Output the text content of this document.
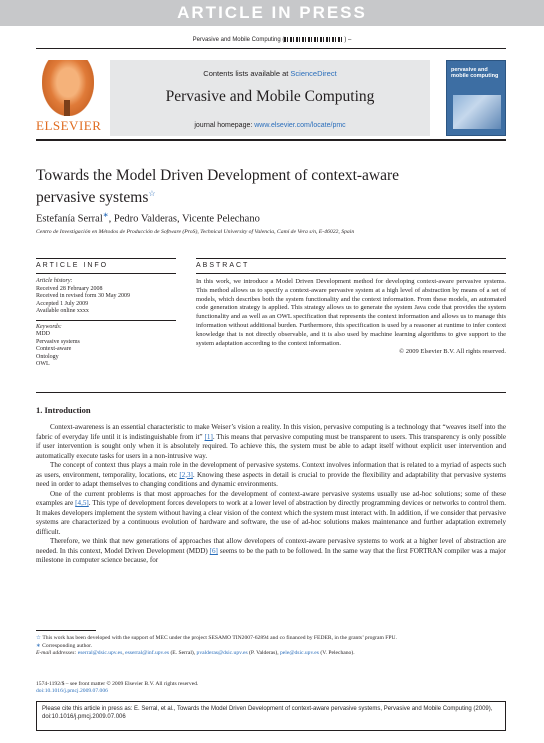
ARTICLE IN PRESS
Pervasive and Mobile Computing (	) –
ELSEVIER
Contents lists available at ScienceDirect
Pervasive and Mobile Computing
journal homepage: www.elsevier.com/locate/pmc
pervasive and mobile computing
Towards the Model Driven Development of context-aware pervasive systems☆
Estefanía Serral∗, Pedro Valderas, Vicente Pelechano
Centro de Investigación en Métodos de Producción de Software (ProS), Technical University of Valencia, Camí de Vera s/n, E-46022, Spain
ARTICLE INFO	ABSTRACT
Article history:
Received 28 February 2008
Received in revised form 30 May 2009
Accepted 1 July 2009
Available online xxxx
Keywords:
MDD
Pervasive systems
Context-aware
Ontology
OWL
In this work, we introduce a Model Driven Development method for developing context-aware pervasive systems. This method allows us to specify a context-aware pervasive system at a high level of abstraction by means of a set of models, which describes both the system functionality and the context information. From these models, an automated code generation strategy is applied. This strategy allows us to generate the system Java code that provides the system functionality and as well as an OWL specification that represents the context information and allows us to manage this information without additional burden. Furthermore, this specification is used by a reasoner at runtime to infer context knowledge that is not directly observable, and it is also used by machine learning algorithms to give support to the system adaptation according to the context information.
© 2009 Elsevier B.V. All rights reserved.
1. Introduction

Context-awareness is an essential characteristic to make Weiser’s vision a reality. In this vision, pervasive computing is a technology that “weaves itself into the fabric of everyday life until it is indistinguishable from it” [1]. This means that pervasive computing must be transparent to users. This transparency is only possible if user intervention is sought only when it is absolutely required. To achieve this, the system must be able to adapt itself without explicit user intervention and automatically execute tasks for users in a non-intrusive way.

The concept of context thus plays a main role in the development of pervasive systems. Context involves information that is related to a myriad of aspects such as users, environment, temporality, locations, etc [2,3]. Knowing these aspects in detail is crucial to provide the flexibility and adaptability that pervasive systems need in order to adapt themselves to changing conditions and dynamic environments.

One of the current problems is that most approaches for the development of context-aware pervasive systems usually use ad-hoc solutions; some of these examples are [4,5]. This type of development forces developers to work at a lower level of abstraction by directly programming devices or networks to control them. It makes developers implement the system without having a clear vision of the context which the system must interact with. In addition, if we consider that pervasive systems are characterized by a continuous evolution of hardware and software, the use of ad-hoc solutions makes maintenance and further adaptation extremely difficult.

Therefore, we think that new generations of approaches that allow developers of context-aware pervasive systems to work at a higher level of abstraction are needed. In this context, Model Driven Development (MDD) [6] seems to be the path to be followed. In the same way that the first FORTRAN compiler was a major milestone in computer science because, for

☆ This work has been developed with the support of MEC under the project SESAMO TIN2007-62894 and co financed by FEDER, in the grants’ program FPU.
∗ Corresponding author.
E-mail addresses: eserral@dsic.upv.es, esserral@inf.upv.es (E. Serral), pvalderas@dsic.upv.es (P. Valderas), pele@dsic.upv.es (V. Pelechano).
1574-1192/$ – see front matter © 2009 Elsevier B.V. All rights reserved.
doi:10.1016/j.pmcj.2009.07.006
Please cite this article in press as: E. Serral, et al., Towards the Model Driven Development of context-aware pervasive systems, Pervasive and Mobile Computing (2009), doi:10.1016/j.pmcj.2009.07.006
